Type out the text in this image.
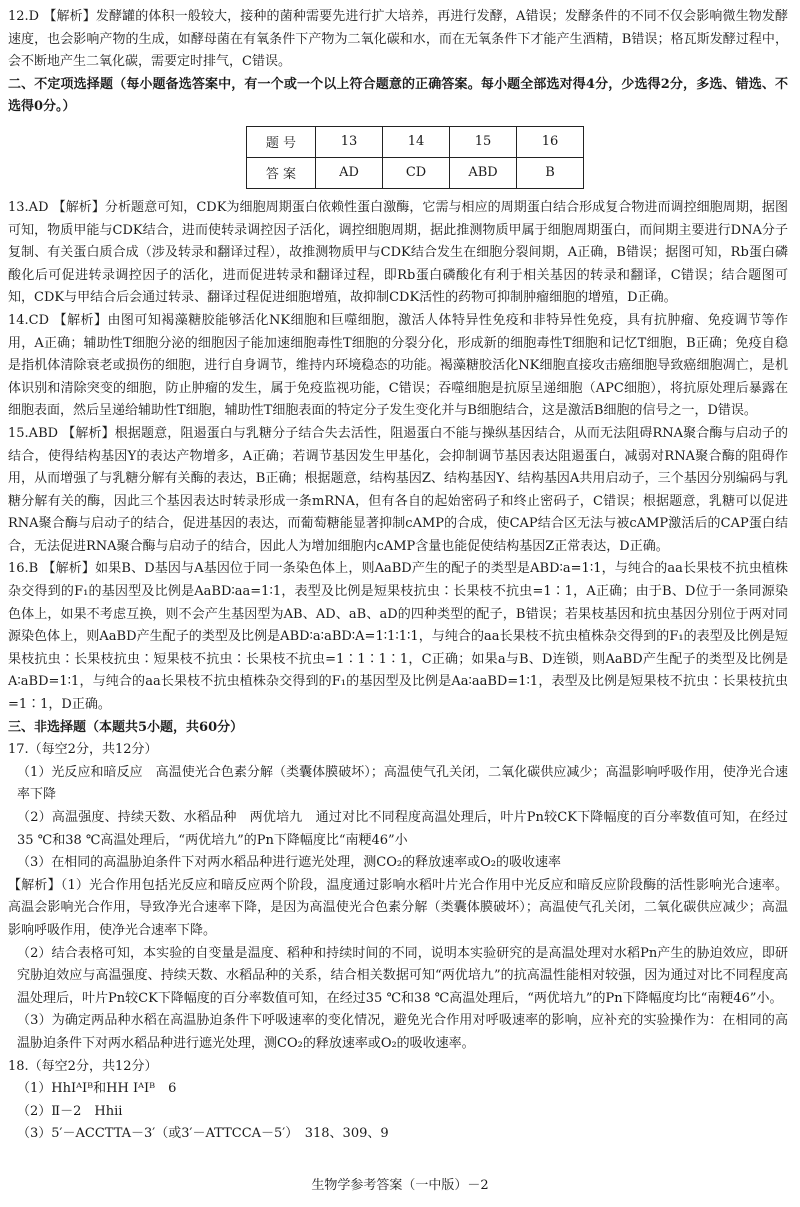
12.D 【解析】发酵罐的体积一般较大，接种的菌种需要先进行扩大培养，再进行发酵，A错误；发酵条件的不同不仅会影响微生物发酵速度，也会影响产物的生成，如酵母菌在有氧条件下产物为二氧化碳和水，而在无氧条件下才能产生酒精，B错误；格瓦斯发酵过程中，会不断地产生二氧化碳，需要定时排气，C错误。

二、不定项选择题（每小题备选答案中，有一个或一个以上符合题意的正确答案。每小题全部选对得4分，少选得2分，多选、错选、不选得0分。）

题 号	13	14	15	16
答 案	AD	CD	ABD	B

13.AD 【解析】分析题意可知，CDK为细胞周期蛋白依赖性蛋白激酶，它需与相应的周期蛋白结合形成复合物进而调控细胞周期，据图可知，物质甲能与CDK结合，进而使转录调控因子活化，调控细胞周期，据此推测物质甲属于细胞周期蛋白，而间期主要进行DNA分子复制、有关蛋白质合成（涉及转录和翻译过程），故推测物质甲与CDK结合发生在细胞分裂间期，A正确，B错误；据图可知，Rb蛋白磷酸化后可促进转录调控因子的活化，进而促进转录和翻译过程，即Rb蛋白磷酸化有利于相关基因的转录和翻译，C错误；结合题图可知，CDK与甲结合后会通过转录、翻译过程促进细胞增殖，故抑制CDK活性的药物可抑制肿瘤细胞的增殖，D正确。

14.CD 【解析】由图可知褐藻糖胶能够活化NK细胞和巨噬细胞，激活人体特异性免疫和非特异性免疫，具有抗肿瘤、免疫调节等作用，A正确；辅助性T细胞分泌的细胞因子能加速细胞毒性T细胞的分裂分化，形成新的细胞毒性T细胞和记忆T细胞，B正确；免疫自稳是指机体清除衰老或损伤的细胞，进行自身调节，维持内环境稳态的功能。褐藻糖胶活化NK细胞直接攻击癌细胞导致癌细胞凋亡，是机体识别和清除突变的细胞，防止肿瘤的发生，属于免疫监视功能，C错误；吞噬细胞是抗原呈递细胞（APC细胞），将抗原处理后暴露在细胞表面，然后呈递给辅助性T细胞，辅助性T细胞表面的特定分子发生变化并与B细胞结合，这是激活B细胞的信号之一，D错误。

15.ABD 【解析】根据题意，阻遏蛋白与乳糖分子结合失去活性，阻遏蛋白不能与操纵基因结合，从而无法阻碍RNA聚合酶与启动子的结合，使得结构基因Y的表达产物增多，A正确；若调节基因发生甲基化，会抑制调节基因表达阻遏蛋白，减弱对RNA聚合酶的阻碍作用，从而增强了与乳糖分解有关酶的表达，B正确；根据题意，结构基因Z、结构基因Y、结构基因A共用启动子，三个基因分别编码与乳糖分解有关的酶，因此三个基因表达时转录形成一条mRNA，但有各自的起始密码子和终止密码子，C错误；根据题意，乳糖可以促进RNA聚合酶与启动子的结合，促进基因的表达，而葡萄糖能显著抑制cAMP的合成，使CAP结合区无法与被cAMP激活后的CAP蛋白结合，无法促进RNA聚合酶与启动子的结合，因此人为增加细胞内cAMP含量也能促使结构基因Z正常表达，D正确。

16.B 【解析】如果B、D基因与A基因位于同一条染色体上，则AaBD产生的配子的类型是ABD∶a=1∶1，与纯合的aa长果枝不抗虫植株杂交得到的F₁的基因型及比例是AaBD∶aa=1∶1，表型及比例是短果枝抗虫∶长果枝不抗虫=1∶1，A正确；由于B、D位于一条同源染色体上，如果不考虑互换，则不会产生基因型为AB、AD、aB、aD的四种类型的配子，B错误；若果枝基因和抗虫基因分别位于两对同源染色体上，则AaBD产生配子的类型及比例是ABD∶a∶aBD∶A=1∶1∶1∶1，与纯合的aa长果枝不抗虫植株杂交得到的F₁的表型及比例是短果枝抗虫∶长果枝抗虫∶短果枝不抗虫∶长果枝不抗虫=1∶1∶1∶1，C正确；如果a与B、D连锁，则AaBD产生配子的类型及比例是A∶aBD=1∶1，与纯合的aa长果枝不抗虫植株杂交得到的F₁的基因型及比例是Aa∶aaBD=1∶1，表型及比例是短果枝不抗虫∶长果枝抗虫=1∶1，D正确。

三、非选择题（本题共5小题，共60分）

17.（每空2分，共12分）

（1）光反应和暗反应　高温使光合色素分解（类囊体膜破坏）；高温使气孔关闭，二氧化碳供应减少；高温影响呼吸作用，使净光合速率下降

（2）高温强度、持续天数、水稻品种　两优培九　通过对比不同程度高温处理后，叶片Pn较CK下降幅度的百分率数值可知，在经过35 ℃和38 ℃高温处理后，“两优培九”的Pn下降幅度比“南粳46”小

（3）在相同的高温胁迫条件下对两水稻品种进行遮光处理，测CO₂的释放速率或O₂的吸收速率

【解析】（1）光合作用包括光反应和暗反应两个阶段，温度通过影响水稻叶片光合作用中光反应和暗反应阶段酶的活性影响光合速率。高温会影响光合作用，导致净光合速率下降，是因为高温使光合色素分解（类囊体膜破坏）；高温使气孔关闭，二氧化碳供应减少；高温影响呼吸作用，使净光合速率下降。

（2）结合表格可知，本实验的自变量是温度、稻种和持续时间的不同，说明本实验研究的是高温处理对水稻Pn产生的胁迫效应，即研究胁迫效应与高温强度、持续天数、水稻品种的关系，结合相关数据可知“两优培九”的抗高温性能相对较强，因为通过对比不同程度高温处理后，叶片Pn较CK下降幅度的百分率数值可知，在经过35 ℃和38 ℃高温处理后，“两优培九”的Pn下降幅度均比“南粳46”小。

（3）为确定两品种水稻在高温胁迫条件下呼吸速率的变化情况，避免光合作用对呼吸速率的影响，应补充的实验操作为：在相同的高温胁迫条件下对两水稻品种进行遮光处理，测CO₂的释放速率或O₂的吸收速率。

18.（每空2分，共12分）

（1）HhIᴬIᴮ和HH IᴬIᴮ　6

（2）Ⅱ－2　Hhii

（3）5′－ACCTTA－3′（或3′－ATTCCA－5′）　318、309、9

生物学参考答案（一中版）－2
